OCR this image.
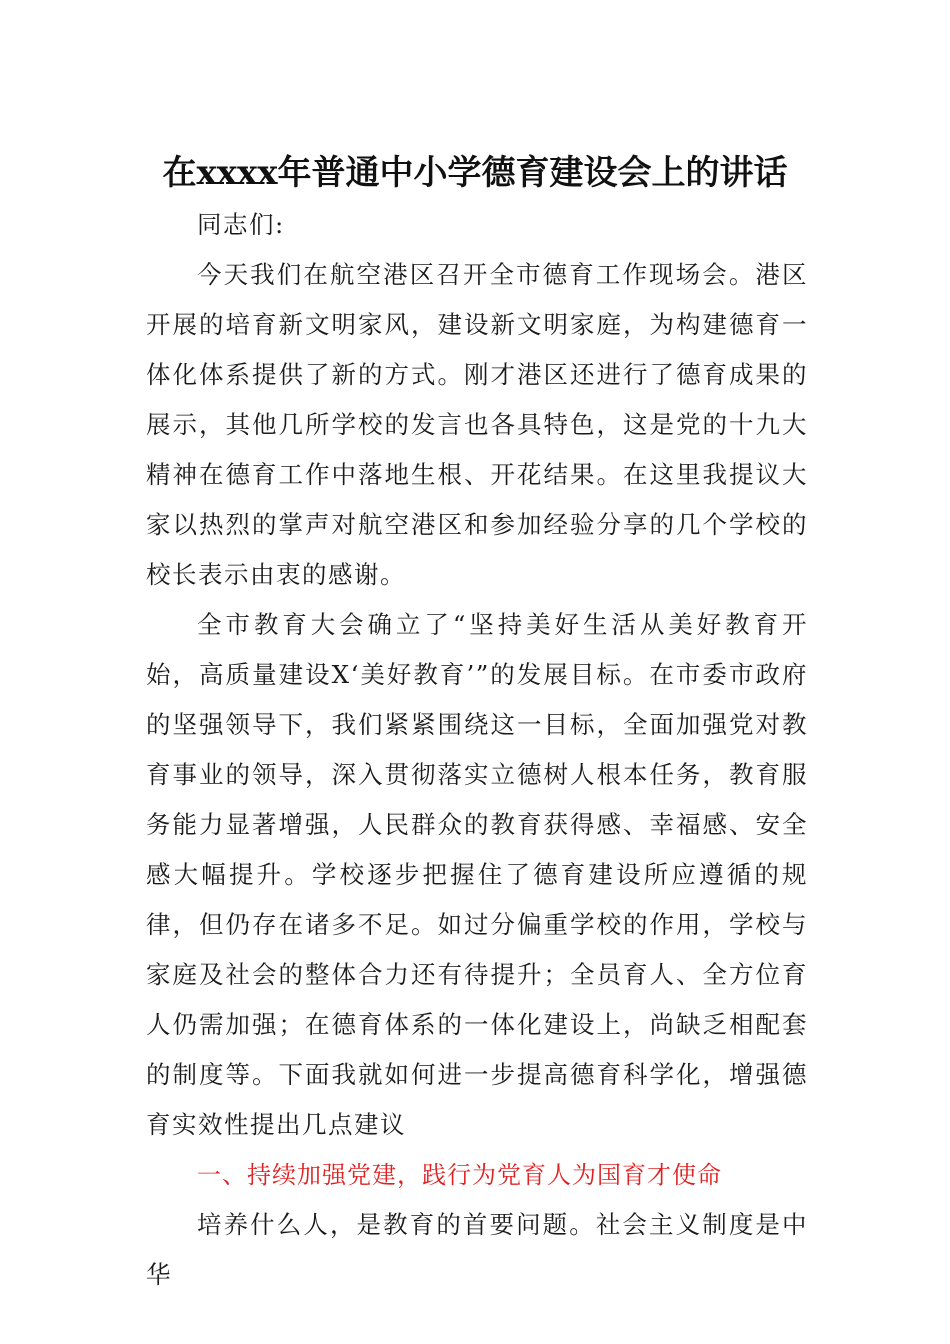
在xxxx年普通中小学德育建设会上的讲话

同志们:

今天我们在航空港区召开全市德育工作现场会。港区开展的培育新文明家风，建设新文明家庭，为构建德育一体化体系提供了新的方式。刚才港区还进行了德育成果的展示，其他几所学校的发言也各具特色，这是党的十九大精神在德育工作中落地生根、开花结果。在这里我提议大家以热烈的掌声对航空港区和参加经验分享的几个学校的校长表示由衷的感谢。

全市教育大会确立了“坚持美好生活从美好教育开始，高质量建设X‘美好教育’”的发展目标。在市委市政府的坚强领导下，我们紧紧围绕这一目标，全面加强党对教育事业的领导，深入贯彻落实立德树人根本任务，教育服务能力显著增强，人民群众的教育获得感、幸福感、安全感大幅提升。学校逐步把握住了德育建设所应遵循的规律，但仍存在诸多不足。如过分偏重学校的作用，学校与家庭及社会的整体合力还有待提升；全员育人、全方位育人仍需加强；在德育体系的一体化建设上，尚缺乏相配套的制度等。下面我就如何进一步提高德育科学化，增强德育实效性提出几点建议

一、持续加强党建，践行为党育人为国育才使命

培养什么人，是教育的首要问题。社会主义制度是中华
